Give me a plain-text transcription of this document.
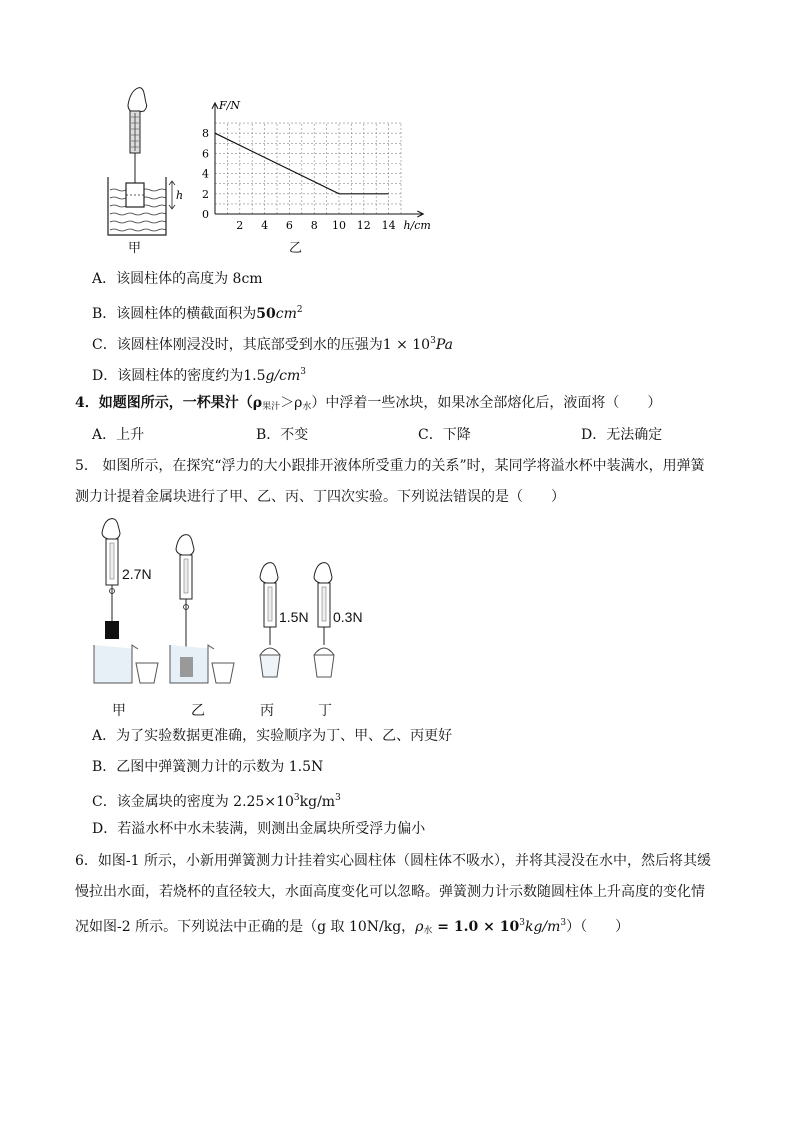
h
甲
F/N
h/cm
2 4 6 8 10 12 14
0
2
4
6
8
乙
A．该圆柱体的高度为 8cm
B．该圆柱体的横截面积为$50cm^2$
C．该圆柱体刚浸没时，其底部受到水的压强为$1 \times 10^3Pa$
D．该圆柱体的密度约为$1.5g/cm^3$
4．如题图所示，一杯果汁（ρ果汁＞ρ水）中浮着一些冰块，如果冰全部熔化后，液面将（　　）
A．上升	B．不变	C．下降	D．无法确定
5． 如图所示，在探究“浮力的大小跟排开液体所受重力的关系”时，某同学将溢水杯中装满水，用弹簧
测力计提着金属块进行了甲、乙、丙、丁四次实验。下列说法错误的是（　　）
2.7N
1.5N 0.3N
甲	乙	丙	丁
A．为了实验数据更准确，实验顺序为丁、甲、乙、丙更好
B．乙图中弹簧测力计的示数为 1.5N
C．该金属块的密度为 $2.25\times 10^3kg/m^3$
D．若溢水杯中水未装满，则测出金属块所受浮力偏小
6．如图-1 所示，小新用弹簧测力计挂着实心圆柱体（圆柱体不吸水），并将其浸没在水中，然后将其缓
慢拉出水面，若烧杯的直径较大，水面高度变化可以忽略。弹簧测力计示数随圆柱体上升高度的变化情
况如图-2 所示。下列说法中正确的是（g 取 10N/kg，ρ水 = $1.0 \times 10^3kg/m^3$）（　　）
